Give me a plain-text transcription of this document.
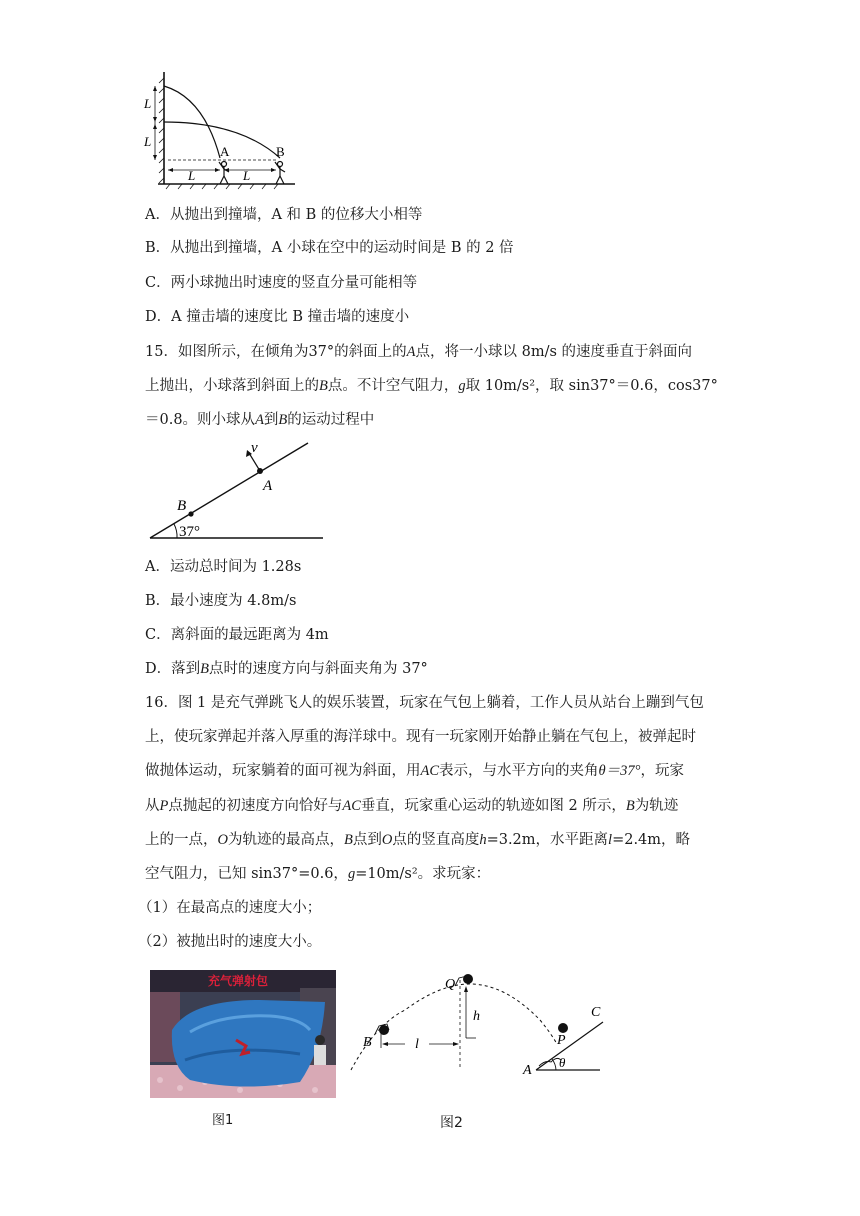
L
L
L	L
A	B
A．从抛出到撞墙，A 和 B 的位移大小相等
B．从抛出到撞墙，A 小球在空中的运动时间是 B 的 2 倍
C．两小球抛出时速度的竖直分量可能相等
D．A 撞击墙的速度比 B 撞击墙的速度小
15．如图所示，在倾角为37°的斜面上的A点，将一小球以 8m/s 的速度垂直于斜面向
上抛出，小球落到斜面上的B点。不计空气阻力，g取 10m/s²，取 sin37°＝0.6，cos37°
＝0.8。则小球从A到B的运动过程中
v
A
B
37°
A．运动总时间为 1.28s
B．最小速度为 4.8m/s
C．离斜面的最远距离为 4m
D．落到B点时的速度方向与斜面夹角为 37°
16．图 1 是充气弹跳飞人的娱乐装置，玩家在气包上躺着，工作人员从站台上蹦到气包
上，使玩家弹起并落入厚重的海洋球中。现有一玩家刚开始静止躺在气包上，被弹起时
做抛体运动，玩家躺着的面可视为斜面，用AC表示，与水平方向的夹角θ＝37°，玩家
从P点抛起的初速度方向恰好与AC垂直，玩家重心运动的轨迹如图 2 所示，B为轨迹
上的一点，O为轨迹的最高点，B点到O点的竖直高度h=3.2m，水平距离l=2.4m，略
空气阻力，已知 sin37°=0.6，g=10m/s²。求玩家：
（1）在最高点的速度大小；
（2）被抛出时的速度大小。
充气弹射包
图1
Q
h
l
B	P
C
A
θ
图2
